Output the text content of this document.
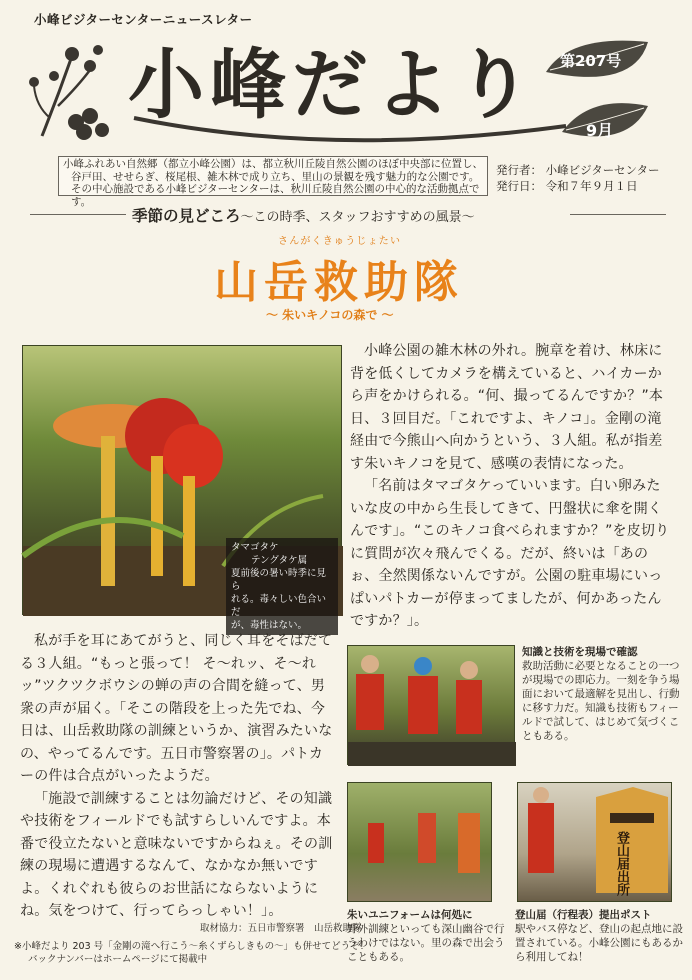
小峰ビジターセンターニュースレター
小峰だより 第207号
9月
小峰ふれあい自然郷（都立小峰公園）は、都立秋川丘陵自然公園のほぼ中央部に位置し、
谷戸田、せせらぎ、桜尾根、雑木林で成り立ち、里山の景観を残す魅力的な公園です。
その中心施設である小峰ビジターセンターは、秋川丘陵自然公園の中心的な活動拠点です。
発行者： 小峰ビジターセンター
発行日： 令和７年９月１日
季節の見どころ～この時季、スタッフおすすめの風景～
さんがくきゅうじょたい
山岳救助隊
～ 朱いキノコの森で ～
タマゴタケ
テングタケ属
夏前後の暑い時季に見ら
れる。毒々しい色合いだ
が、毒性はない。

小峰公園の雑木林の外れ。腕章を着け、林床に背を低くしてカメラを構えていると、ハイカーから声をかけられる。“何、撮ってるんですか？”本日、３回目だ。「これですよ、キノコ」。金剛の滝経由で今熊山へ向かうという、３人組。私が指差す朱いキノコを見て、感嘆の表情になった。

「名前はタマゴタケっていいます。白い卵みたいな皮の中から生長してきて、円盤状に傘を開くんです」。“このキノコ食べられますか？”を皮切りに質問が次々飛んでくる。だが、終いは「あのぉ、全然関係ないんですが。公園の駐車場にいっぱいパトカーが停まってましたが、何かあったんですか？」。

私が手を耳にあてがうと、同じく耳をそばだてる３人組。“もっと張って！ そ～れッ、そ～れッ”ツクツクボウシの蝉の声の合間を縫って、男衆の声が届く。「そこの階段を上った先でね、今日は、山岳救助隊の訓練というか、演習みたいなの、やってるんです。五日市警察署の」。パトカーの件は合点がいったようだ。

「施設で訓練することは勿論だけど、その知識や技術をフィールドでも試すらしいんですよ。本番で役立たないと意味ないですからねぇ。その訓練の現場に遭遇するなんて、なかなか無いですよ。くれぐれも彼らのお世話にならないようにね。気をつけて、行ってらっしゃい！」。

取材協力：五日市警察署　山岳救助隊
※小峰だより 203 号「金剛の滝へ行こう～糸くずらしきもの～」も併せてどうぞ！
バックナンバーはホームページにて掲載中
知識と技術を現場で確認
救助活動に必要となることの一つが現場での即応力。一刻を争う場面において最適解を見出し、行動に移す力だ。知識も技術もフィールドで試して、はじめて気づくこともある。
朱いユニフォームは何処に
野外訓練といっても深山幽谷で行うわけではない。里の森で出会うこともある。
登山届出所
登山届（行程表）提出ポスト
駅やバス停など、登山の起点地に設置されている。小峰公園にもあるから利用してね！
